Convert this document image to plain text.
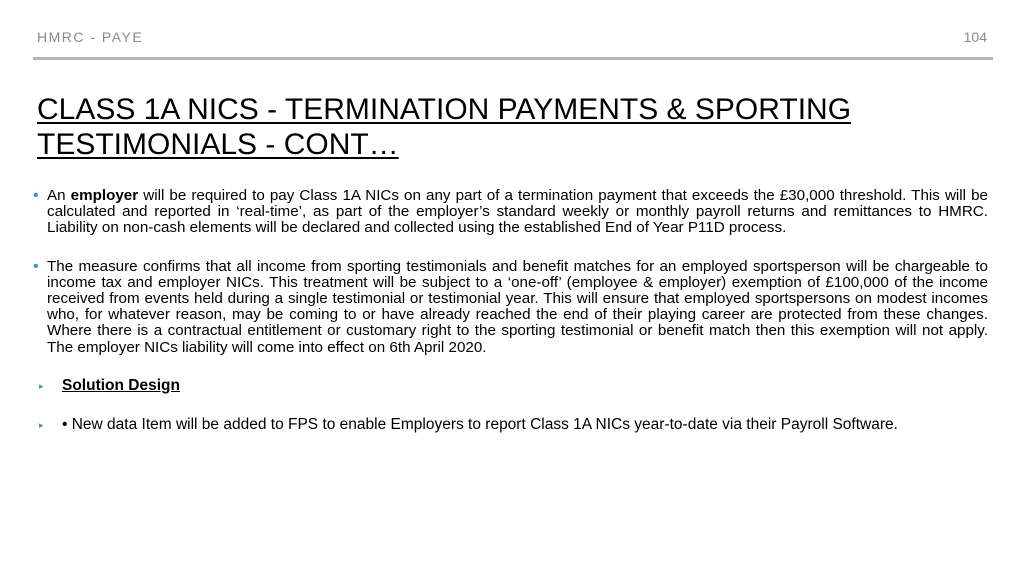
HMRC - PAYE	104
CLASS 1A NICS - TERMINATION PAYMENTS & SPORTING TESTIMONIALS - CONT…
• An employer will be required to pay Class 1A NICs on any part of a termination payment that exceeds the £30,000 threshold. This will be calculated and reported in ‘real-time’, as part of the employer’s standard weekly or monthly payroll returns and remittances to HMRC. Liability on non-cash elements will be declared and collected using the established End of Year P11D process.
• The measure confirms that all income from sporting testimonials and benefit matches for an employed sportsperson will be chargeable to income tax and employer NICs. This treatment will be subject to a ‘one-off’ (employee & employer) exemption of £100,000 of the income received from events held during a single testimonial or testimonial year. This will ensure that employed sportspersons on modest incomes who, for whatever reason, may be coming to or have already reached the end of their playing career are protected from these changes. Where there is a contractual entitlement or customary right to the sporting testimonial or benefit match then this exemption will not apply. The employer NICs liability will come into effect on 6th April 2020.
▸	Solution Design
▸	• New data Item will be added to FPS to enable Employers to report Class 1A NICs year-to-date via their Payroll Software.
